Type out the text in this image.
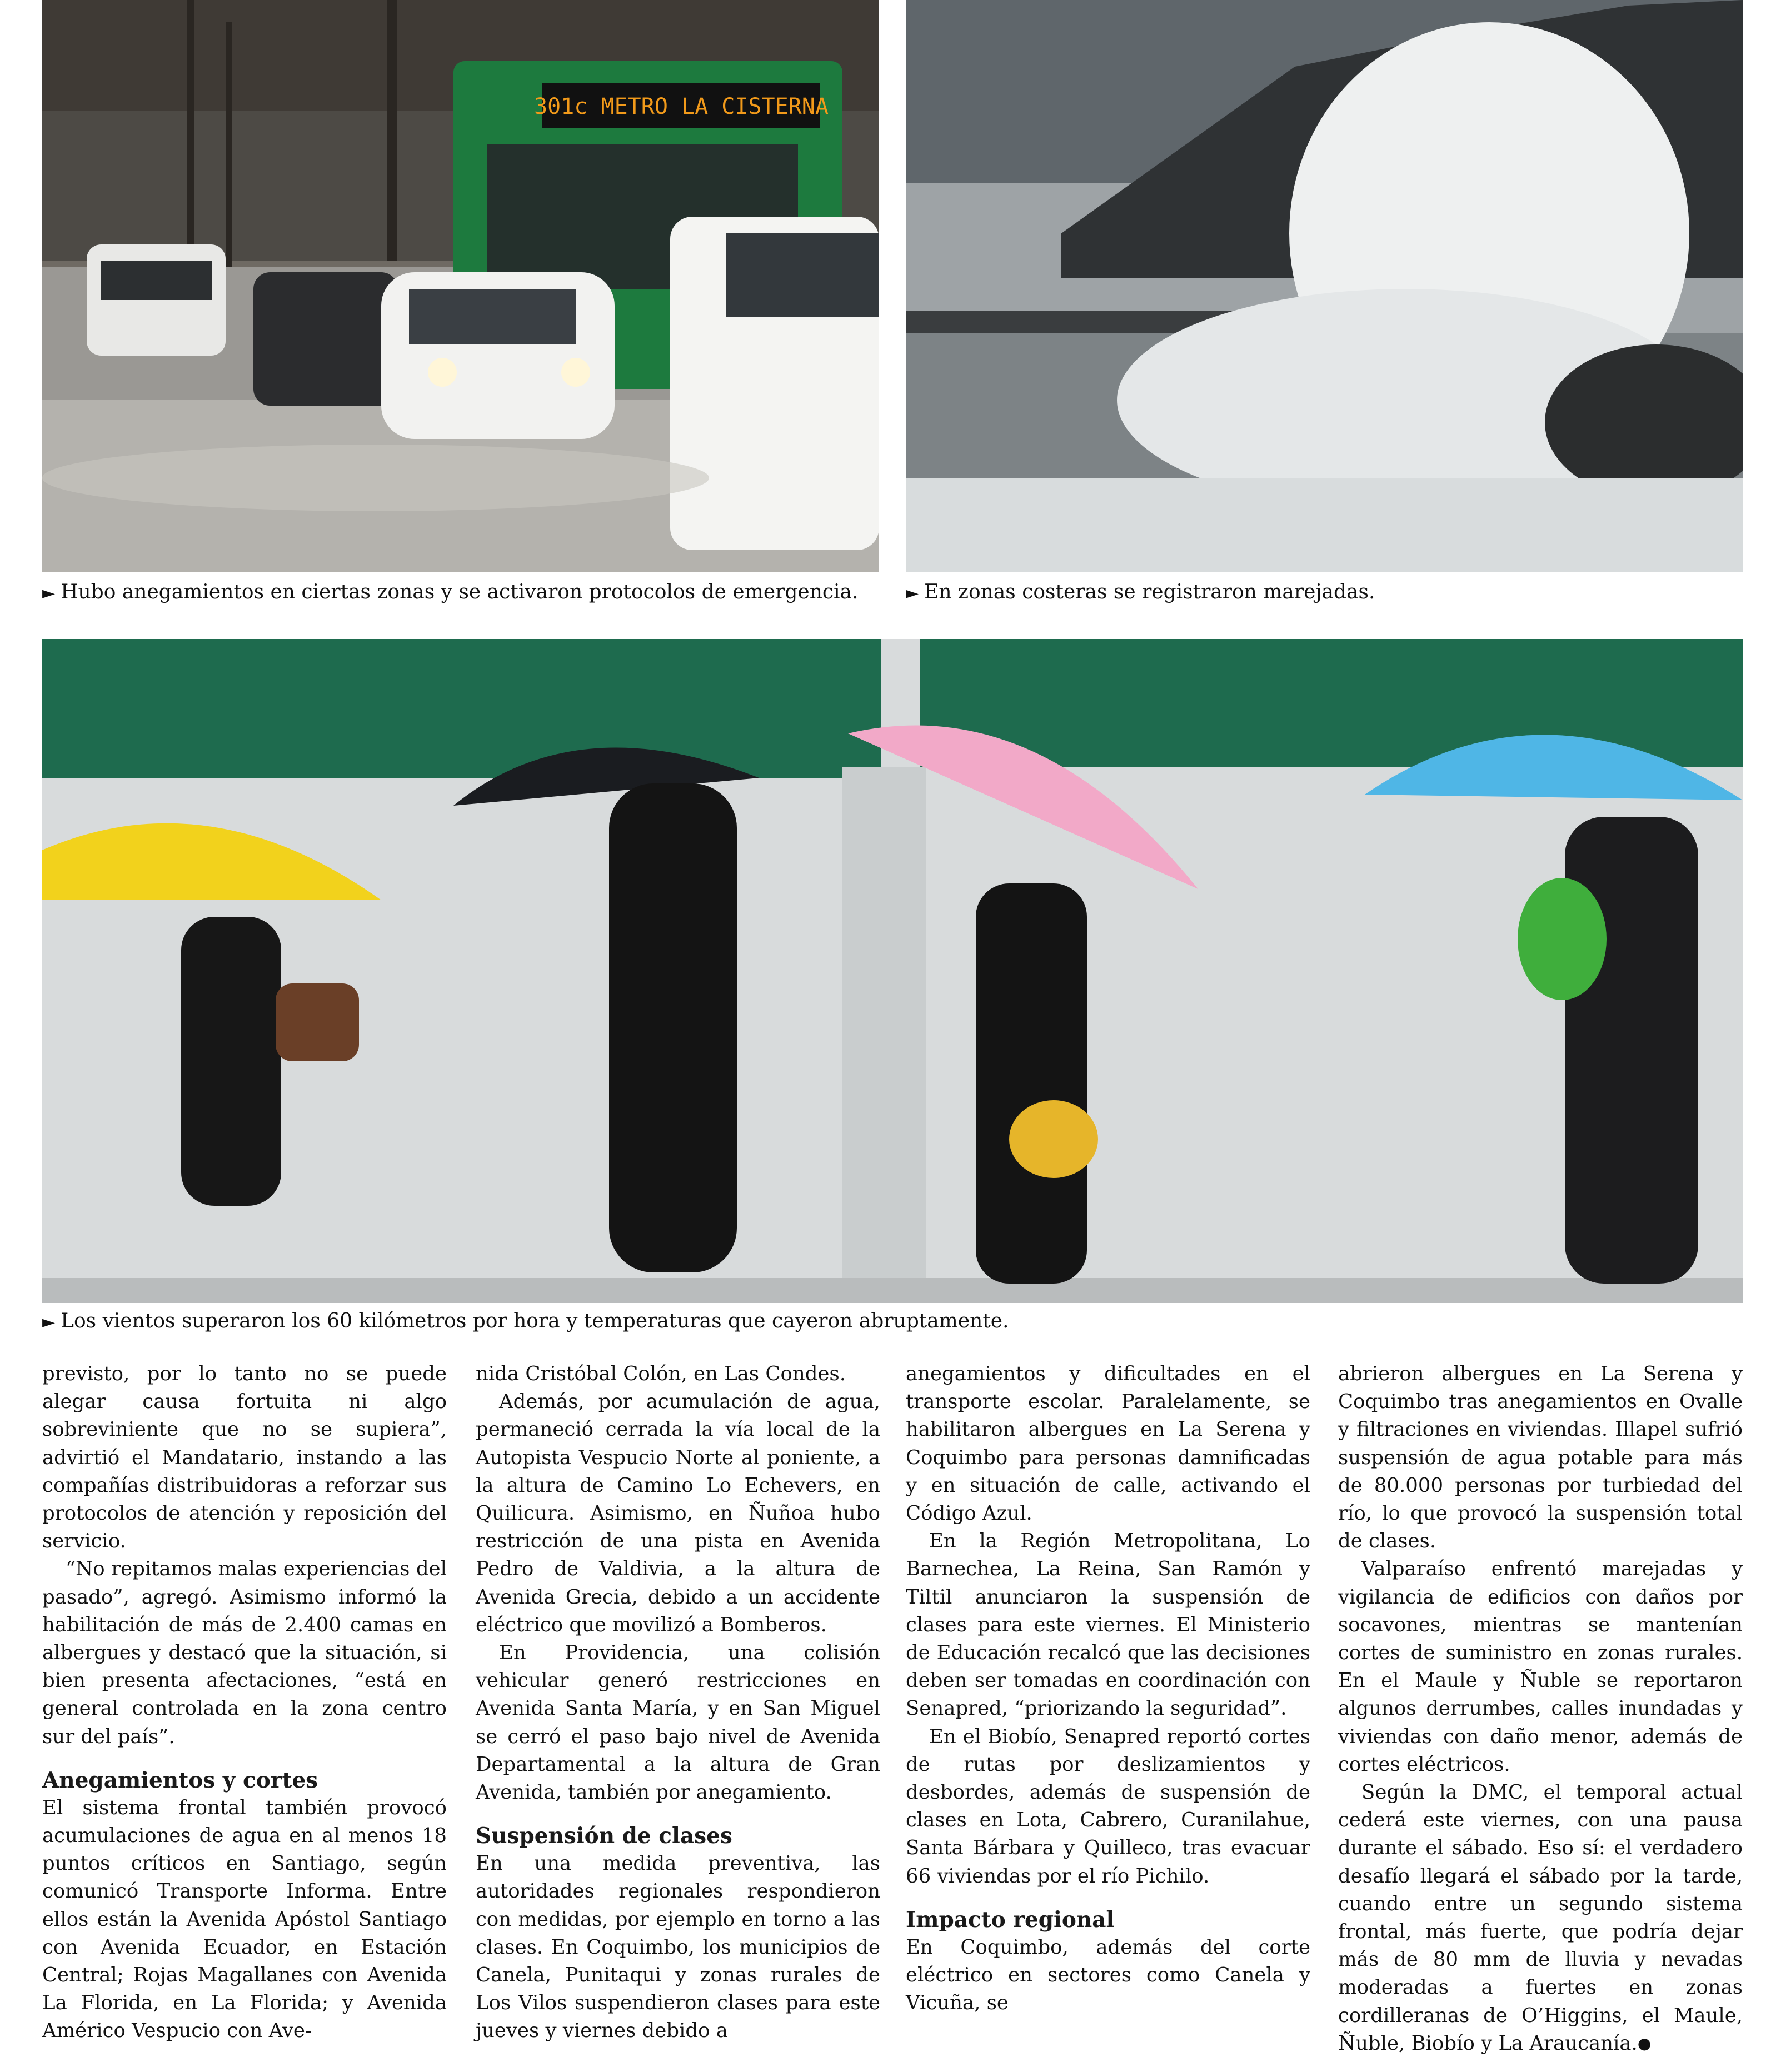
301c METRO LA CISTERNA
► Hubo anegamientos en ciertas zonas y se activaron protocolos de emergencia.	► En zonas costeras se registraron marejadas.
► Los vientos superaron los 60 kilómetros por hora y temperaturas que cayeron abruptamente.

previsto, por lo tanto no se puede alegar causa fortuita ni algo sobreviniente que no se supiera”, advirtió el Mandatario, instando a las compañías distribuidoras a reforzar sus protocolos de atención y reposición del servicio.

“No repitamos malas experiencias del pasado”, agregó. Asimismo informó la habilitación de más de 2.400 camas en albergues y destacó que la situación, si bien presenta afectaciones, “está en general controlada en la zona centro sur del país”.

Anegamientos y cortes

El sistema frontal también provocó acumulaciones de agua en al menos 18 puntos críticos en Santiago, según comunicó Transporte Informa. Entre ellos están la Avenida Apóstol Santiago con Avenida Ecuador, en Estación Central; Rojas Magallanes con Avenida La Florida, en La Florida; y Avenida Américo Vespucio con Ave-

nida Cristóbal Colón, en Las Condes.

Además, por acumulación de agua, permaneció cerrada la vía local de la Autopista Vespucio Norte al poniente, a la altura de Camino Lo Echevers, en Quilicura. Asimismo, en Ñuñoa hubo restricción de una pista en Avenida Pedro de Valdivia, a la altura de Avenida Grecia, debido a un accidente eléctrico que movilizó a Bomberos.

En Providencia, una colisión vehicular generó restricciones en Avenida Santa María, y en San Miguel se cerró el paso bajo nivel de Avenida Departamental a la altura de Gran Avenida, también por anegamiento.

Suspensión de clases

En una medida preventiva, las autoridades regionales respondieron con medidas, por ejemplo en torno a las clases. En Coquimbo, los municipios de Canela, Punitaqui y zonas rurales de Los Vilos suspendieron clases para este jueves y viernes debido a

anegamientos y dificultades en el transporte escolar. Paralelamente, se habilitaron albergues en La Serena y Coquimbo para personas damnificadas y en situación de calle, activando el Código Azul.

En la Región Metropolitana, Lo Barnechea, La Reina, San Ramón y Tiltil anunciaron la suspensión de clases para este viernes. El Ministerio de Educación recalcó que las decisiones deben ser tomadas en coordinación con Senapred, “priorizando la seguridad”.

En el Biobío, Senapred reportó cortes de rutas por deslizamientos y desbordes, además de suspensión de clases en Lota, Cabrero, Curanilahue, Santa Bárbara y Quilleco, tras evacuar 66 viviendas por el río Pichilo.

Impacto regional

En Coquimbo, además del corte eléctrico en sectores como Canela y Vicuña, se

abrieron albergues en La Serena y Coquimbo tras anegamientos en Ovalle y filtraciones en viviendas. Illapel sufrió suspensión de agua potable para más de 80.000 personas por turbiedad del río, lo que provocó la suspensión total de clases.

Valparaíso enfrentó marejadas y vigilancia de edificios con daños por socavones, mientras se mantenían cortes de suministro en zonas rurales. En el Maule y Ñuble se reportaron algunos derrumbes, calles inundadas y viviendas con daño menor, además de cortes eléctricos.

Según la DMC, el temporal actual cederá este viernes, con una pausa durante el sábado. Eso sí: el verdadero desafío llegará el sábado por la tarde, cuando entre un segundo sistema frontal, más fuerte, que podría dejar más de 80 mm de lluvia y nevadas moderadas a fuertes en zonas cordilleranas de O’Higgins, el Maule, Ñuble, Biobío y La Araucanía.●
